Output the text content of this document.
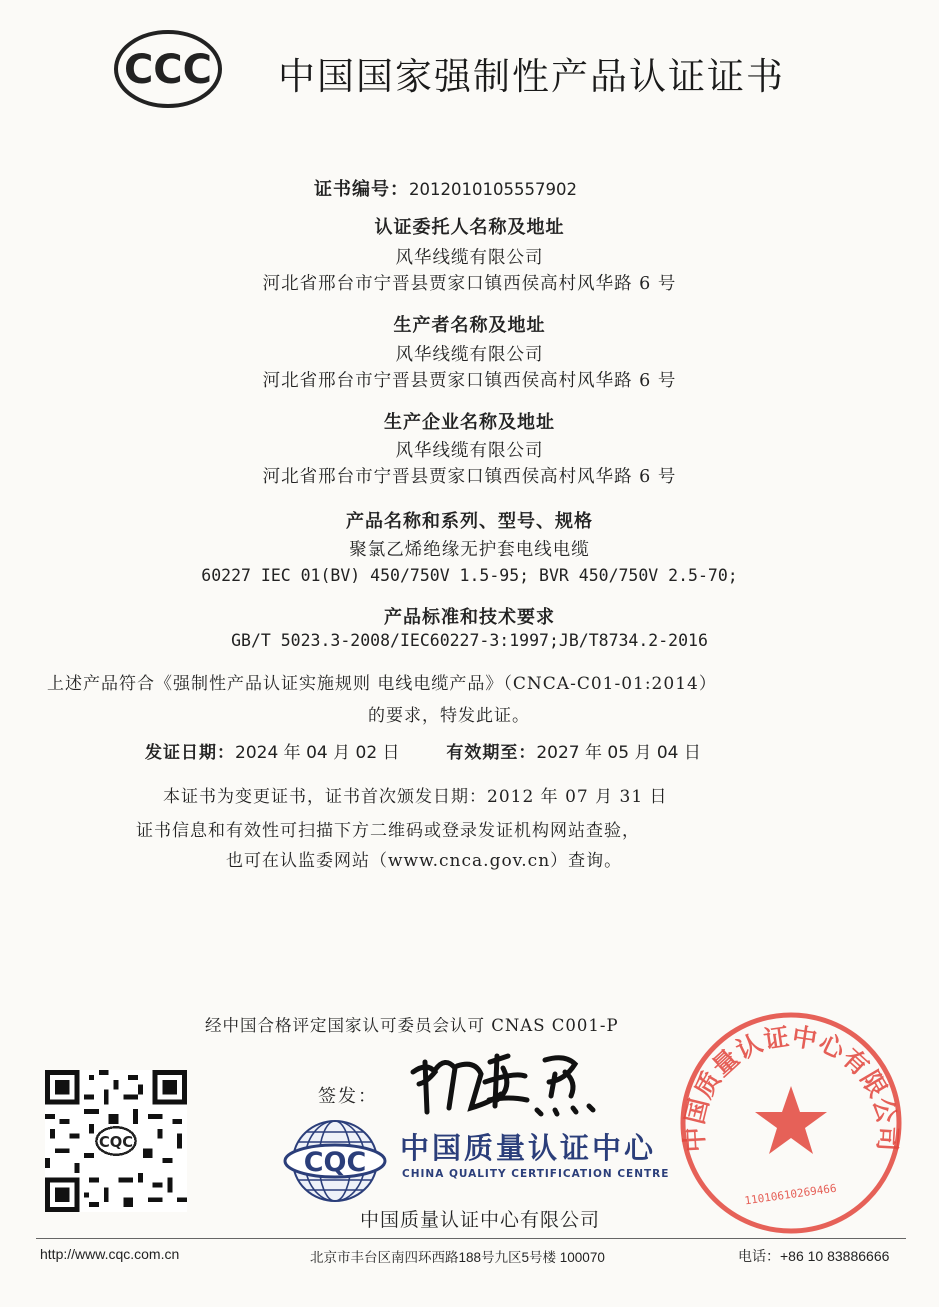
CCC 中国国家强制性产品认证证书
证书编号：2012010105557902
认证委托人名称及地址
风华线缆有限公司
河北省邢台市宁晋县贾家口镇西侯高村风华路 6 号
生产者名称及地址
风华线缆有限公司
河北省邢台市宁晋县贾家口镇西侯高村风华路 6 号
生产企业名称及地址
风华线缆有限公司
河北省邢台市宁晋县贾家口镇西侯高村风华路 6 号
产品名称和系列、型号、规格
聚氯乙烯绝缘无护套电线电缆
60227 IEC 01(BV) 450/750V 1.5-95; BVR 450/750V 2.5-70;
产品标准和技术要求
GB/T 5023.3-2008/IEC60227-3:1997;JB/T8734.2-2016
上述产品符合《强制性产品认证实施规则 电线电缆产品》（CNCA-C01-01:2014）
的要求，特发此证。
发证日期：2024 年 04 月 02 日	有效期至：2027 年 05 月 04 日
本证书为变更证书，证书首次颁发日期：2012 年 07 月 31 日
证书信息和有效性可扫描下方二维码或登录发证机构网站查验，
也可在认监委网站（www.cnca.gov.cn）查询。
经中国合格评定国家认可委员会认可 CNAS C001-P
CQC
签发：
CQC 中国质量认证中心
CHINA QUALITY CERTIFICATION CENTRE
中国质量认证中心有限公司
中国质量认证中心有限公司
1101061026946​6
http://www.cqc.com.cn	北京市丰台区南四环西路188号九区5号楼 100070	电话：+86 10 83886666
